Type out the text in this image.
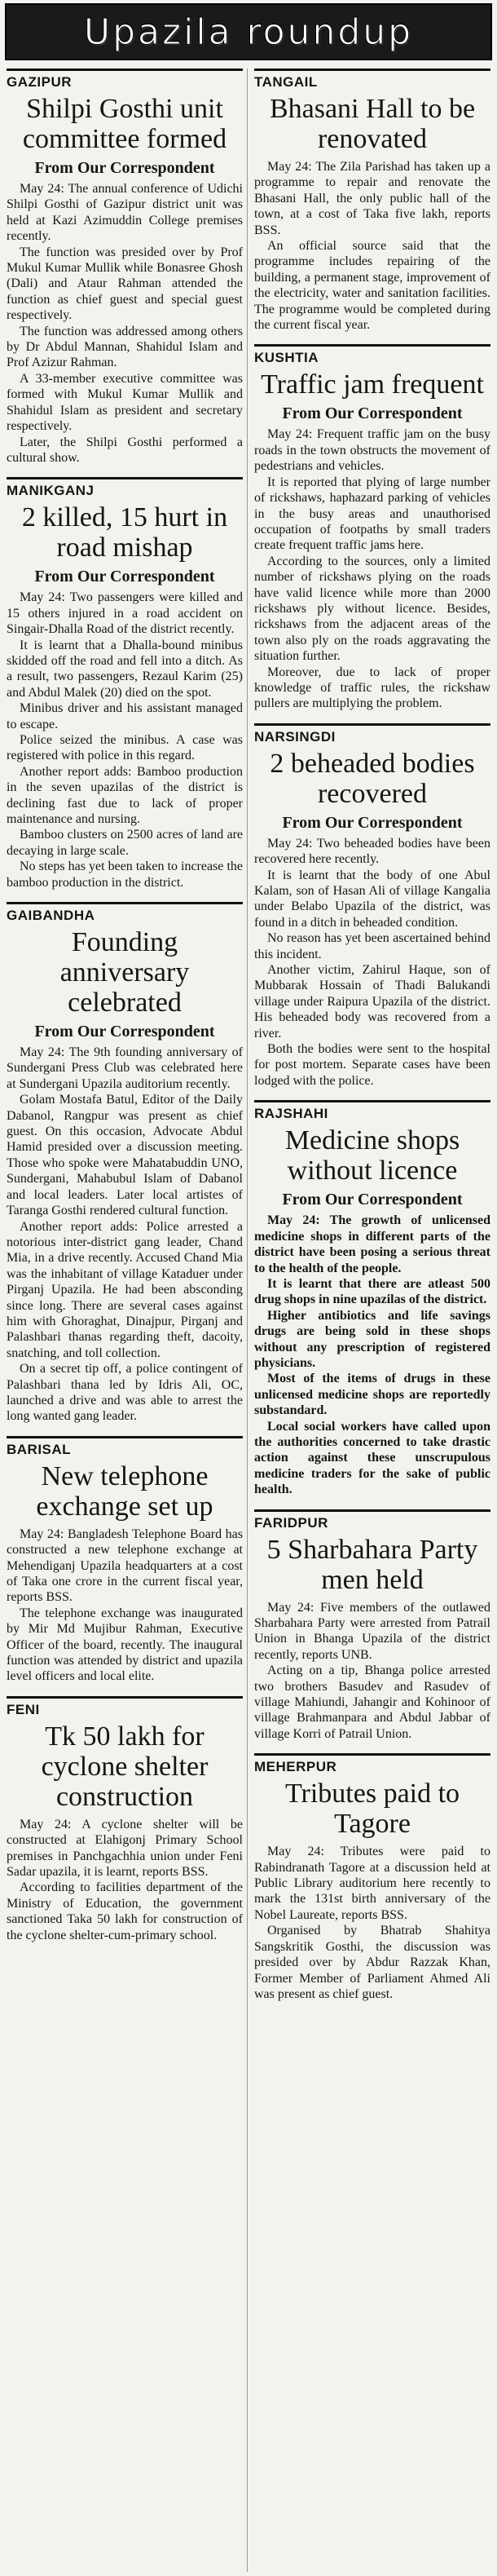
Upazila roundup
GAZIPUR
Shilpi Gosthi unit committee formed
From Our Correspondent

May 24: The annual conference of Udichi Shilpi Gosthi of Gazipur district unit was held at Kazi Azimuddin College premises recently.

The function was presided over by Prof Mukul Kumar Mullik while Bonasree Ghosh (Dali) and Ataur Rahman attended the function as chief guest and special guest respectively.

The function was addressed among others by Dr Abdul Mannan, Shahidul Islam and Prof Azizur Rahman.

A 33-member executive committee was formed with Mukul Kumar Mullik and Shahidul Islam as president and secretary respectively.

Later, the Shilpi Gosthi performed a cultural show.

MANIKGANJ
2 killed, 15 hurt in road mishap
From Our Correspondent

May 24: Two passengers were killed and 15 others injured in a road accident on Singair-Dhalla Road of the district recently.

It is learnt that a Dhalla-bound minibus skidded off the road and fell into a ditch. As a result, two passengers, Rezaul Karim (25) and Abdul Malek (20) died on the spot.

Minibus driver and his assistant managed to escape.

Police seized the minibus. A case was registered with police in this regard.

Another report adds: Bamboo production in the seven upazilas of the district is declining fast due to lack of proper maintenance and nursing.

Bamboo clusters on 2500 acres of land are decaying in large scale.

No steps has yet been taken to increase the bamboo production in the district.

GAIBANDHA
Founding anniversary celebrated
From Our Correspondent

May 24: The 9th founding anniversary of Sundergani Press Club was celebrated here at Sundergani Upazila auditorium recently.

Golam Mostafa Batul, Editor of the Daily Dabanol, Rangpur was present as chief guest. On this occasion, Advocate Abdul Hamid presided over a discussion meeting. Those who spoke were Mahatabuddin UNO, Sundergani, Mahabubul Islam of Dabanol and local leaders. Later local artistes of Taranga Gosthi rendered cultural function.

Another report adds: Police arrested a notorious inter-district gang leader, Chand Mia, in a drive recently. Accused Chand Mia was the inhabitant of village Kataduer under Pirganj Upazila. He had been absconding since long. There are several cases against him with Ghoraghat, Dinajpur, Pirganj and Palashbari thanas regarding theft, dacoity, snatching, and toll collection.

On a secret tip off, a police contingent of Palashbari thana led by Idris Ali, OC, launched a drive and was able to arrest the long wanted gang leader.

BARISAL
New telephone exchange set up

May 24: Bangladesh Telephone Board has constructed a new telephone exchange at Mehendiganj Upazila headquarters at a cost of Taka one crore in the current fiscal year, reports BSS.

The telephone exchange was inaugurated by Mir Md Mujibur Rahman, Executive Officer of the board, recently. The inaugural function was attended by district and upazila level officers and local elite.

FENI
Tk 50 lakh for cyclone shelter construction

May 24: A cyclone shelter will be constructed at Elahigonj Primary School premises in Panchgachhia union under Feni Sadar upazila, it is learnt, reports BSS.

According to facilities department of the Ministry of Education, the government sanctioned Taka 50 lakh for construction of the cyclone shelter-cum-primary school.

TANGAIL
Bhasani Hall to be renovated

May 24: The Zila Parishad has taken up a programme to repair and renovate the Bhasani Hall, the only public hall of the town, at a cost of Taka five lakh, reports BSS.

An official source said that the programme includes repairing of the building, a permanent stage, improvement of the electricity, water and sanitation facilities. The programme would be completed during the current fiscal year.

KUSHTIA
Traffic jam frequent
From Our Correspondent

May 24: Frequent traffic jam on the busy roads in the town obstructs the movement of pedestrians and vehicles.

It is reported that plying of large number of rickshaws, haphazard parking of vehicles in the busy areas and unauthorised occupation of footpaths by small traders create frequent traffic jams here.

According to the sources, only a limited number of rickshaws plying on the roads have valid licence while more than 2000 rickshaws ply without licence. Besides, rickshaws from the adjacent areas of the town also ply on the roads aggravating the situation further.

Moreover, due to lack of proper knowledge of traffic rules, the rickshaw pullers are multiplying the problem.

NARSINGDI
2 beheaded bodies recovered
From Our Correspondent

May 24: Two beheaded bodies have been recovered here recently.

It is learnt that the body of one Abul Kalam, son of Hasan Ali of village Kangalia under Belabo Upazila of the district, was found in a ditch in beheaded condition.

No reason has yet been ascertained behind this incident.

Another victim, Zahirul Haque, son of Mubbarak Hossain of Thadi Balukandi village under Raipura Upazila of the district. His beheaded body was recovered from a river.

Both the bodies were sent to the hospital for post mortem. Separate cases have been lodged with the police.

RAJSHAHI
Medicine shops without licence
From Our Correspondent

May 24: The growth of unlicensed medicine shops in different parts of the district have been posing a serious threat to the health of the people.

It is learnt that there are atleast 500 drug shops in nine upazilas of the district.

Higher antibiotics and life savings drugs are being sold in these shops without any prescription of registered physicians.

Most of the items of drugs in these unlicensed medicine shops are reportedly substandard.

Local social workers have called upon the authorities concerned to take drastic action against these unscrupulous medicine traders for the sake of public health.

FARIDPUR
5 Sharbahara Party men held

May 24: Five members of the outlawed Sharbahara Party were arrested from Patrail Union in Bhanga Upazila of the district recently, reports UNB.

Acting on a tip, Bhanga police arrested two brothers Basudev and Rasudev of village Mahiundi, Jahangir and Kohinoor of village Brahmanpara and Abdul Jabbar of village Korri of Patrail Union.

MEHERPUR
Tributes paid to Tagore

May 24: Tributes were paid to Rabindranath Tagore at a discussion held at Public Library auditorium here recently to mark the 131st birth anniversary of the Nobel Laureate, reports BSS.

Organised by Bhatrab Shahitya Sangskritik Gosthi, the discussion was presided over by Abdur Razzak Khan, Former Member of Parliament Ahmed Ali was present as chief guest.
